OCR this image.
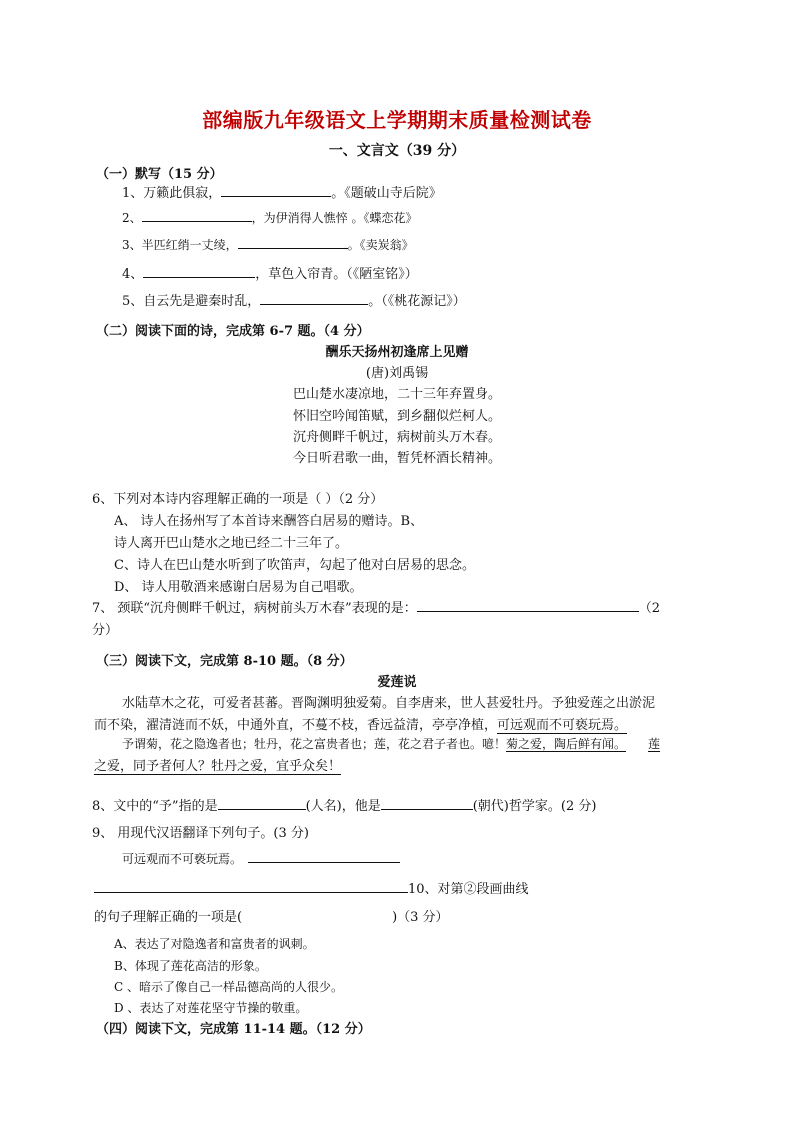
部编版九年级语文上学期期末质量检测试卷
一、文言文（39 分）
（一）默写（15 分）
1、万籁此俱寂，	。《题破山寺后院》
2、	，为伊消得人憔悴 。《蝶恋花》
3、半匹红绡一丈绫，	。《卖炭翁》
4、	，草色入帘青。（《陋室铭》）
5、自云先是避秦时乱，	。（《桃花源记》）
（二）阅读下面的诗，完成第 6-7 题。（4 分）
酬乐天扬州初逢席上见赠
(唐)刘禹锡
巴山楚水凄凉地，二十三年弃置身。
怀旧空吟闻笛赋，到乡翻似烂柯人。
沉舟侧畔千帆过，病树前头万木春。
今日听君歌一曲，暂凭杯酒长精神。
6、下列对本诗内容理解正确的一项是（ ）（2 分）
A、 诗人在扬州写了本首诗来酬答白居易的赠诗。B、
诗人离开巴山楚水之地已经二十三年了。
C、诗人在巴山楚水听到了吹笛声，勾起了他对白居易的思念。
D、 诗人用敬酒来感谢白居易为自己唱歌。
7、 颈联“沉舟侧畔千帆过，病树前头万木春”表现的是：	（2
分）
（三）阅读下文，完成第 8-10 题。（8 分）
爱莲说
水陆草木之花，可爱者甚蕃。晋陶渊明独爱菊。自李唐来，世人甚爱牡丹。予独爱莲之出淤泥
而不染，濯清涟而不妖，中通外直，不蔓不枝，香远益清，亭亭净植，可远观而不可亵玩焉。
予谓菊，花之隐逸者也；牡丹，花之富贵者也；莲，花之君子者也。噫！菊之爱，陶后鲜有闻。 莲
之爱，同予者何人？牡丹之爱，宜乎众矣！
8、文中的“予”指的是	(人名)，他是	(朝代)哲学家。(2 分)
9、 用现代汉语翻译下列句子。(3 分)
可远观而不可亵玩焉。
10、对第②段画曲线
的句子理解正确的一项是(	)（3 分）
A、表达了对隐逸者和富贵者的讽刺。
B、体现了莲花高洁的形象。
C 、暗示了像自己一样品德高尚的人很少。
D 、表达了对莲花坚守节操的敬重。
（四）阅读下文，完成第 11-14 题。（12 分）
